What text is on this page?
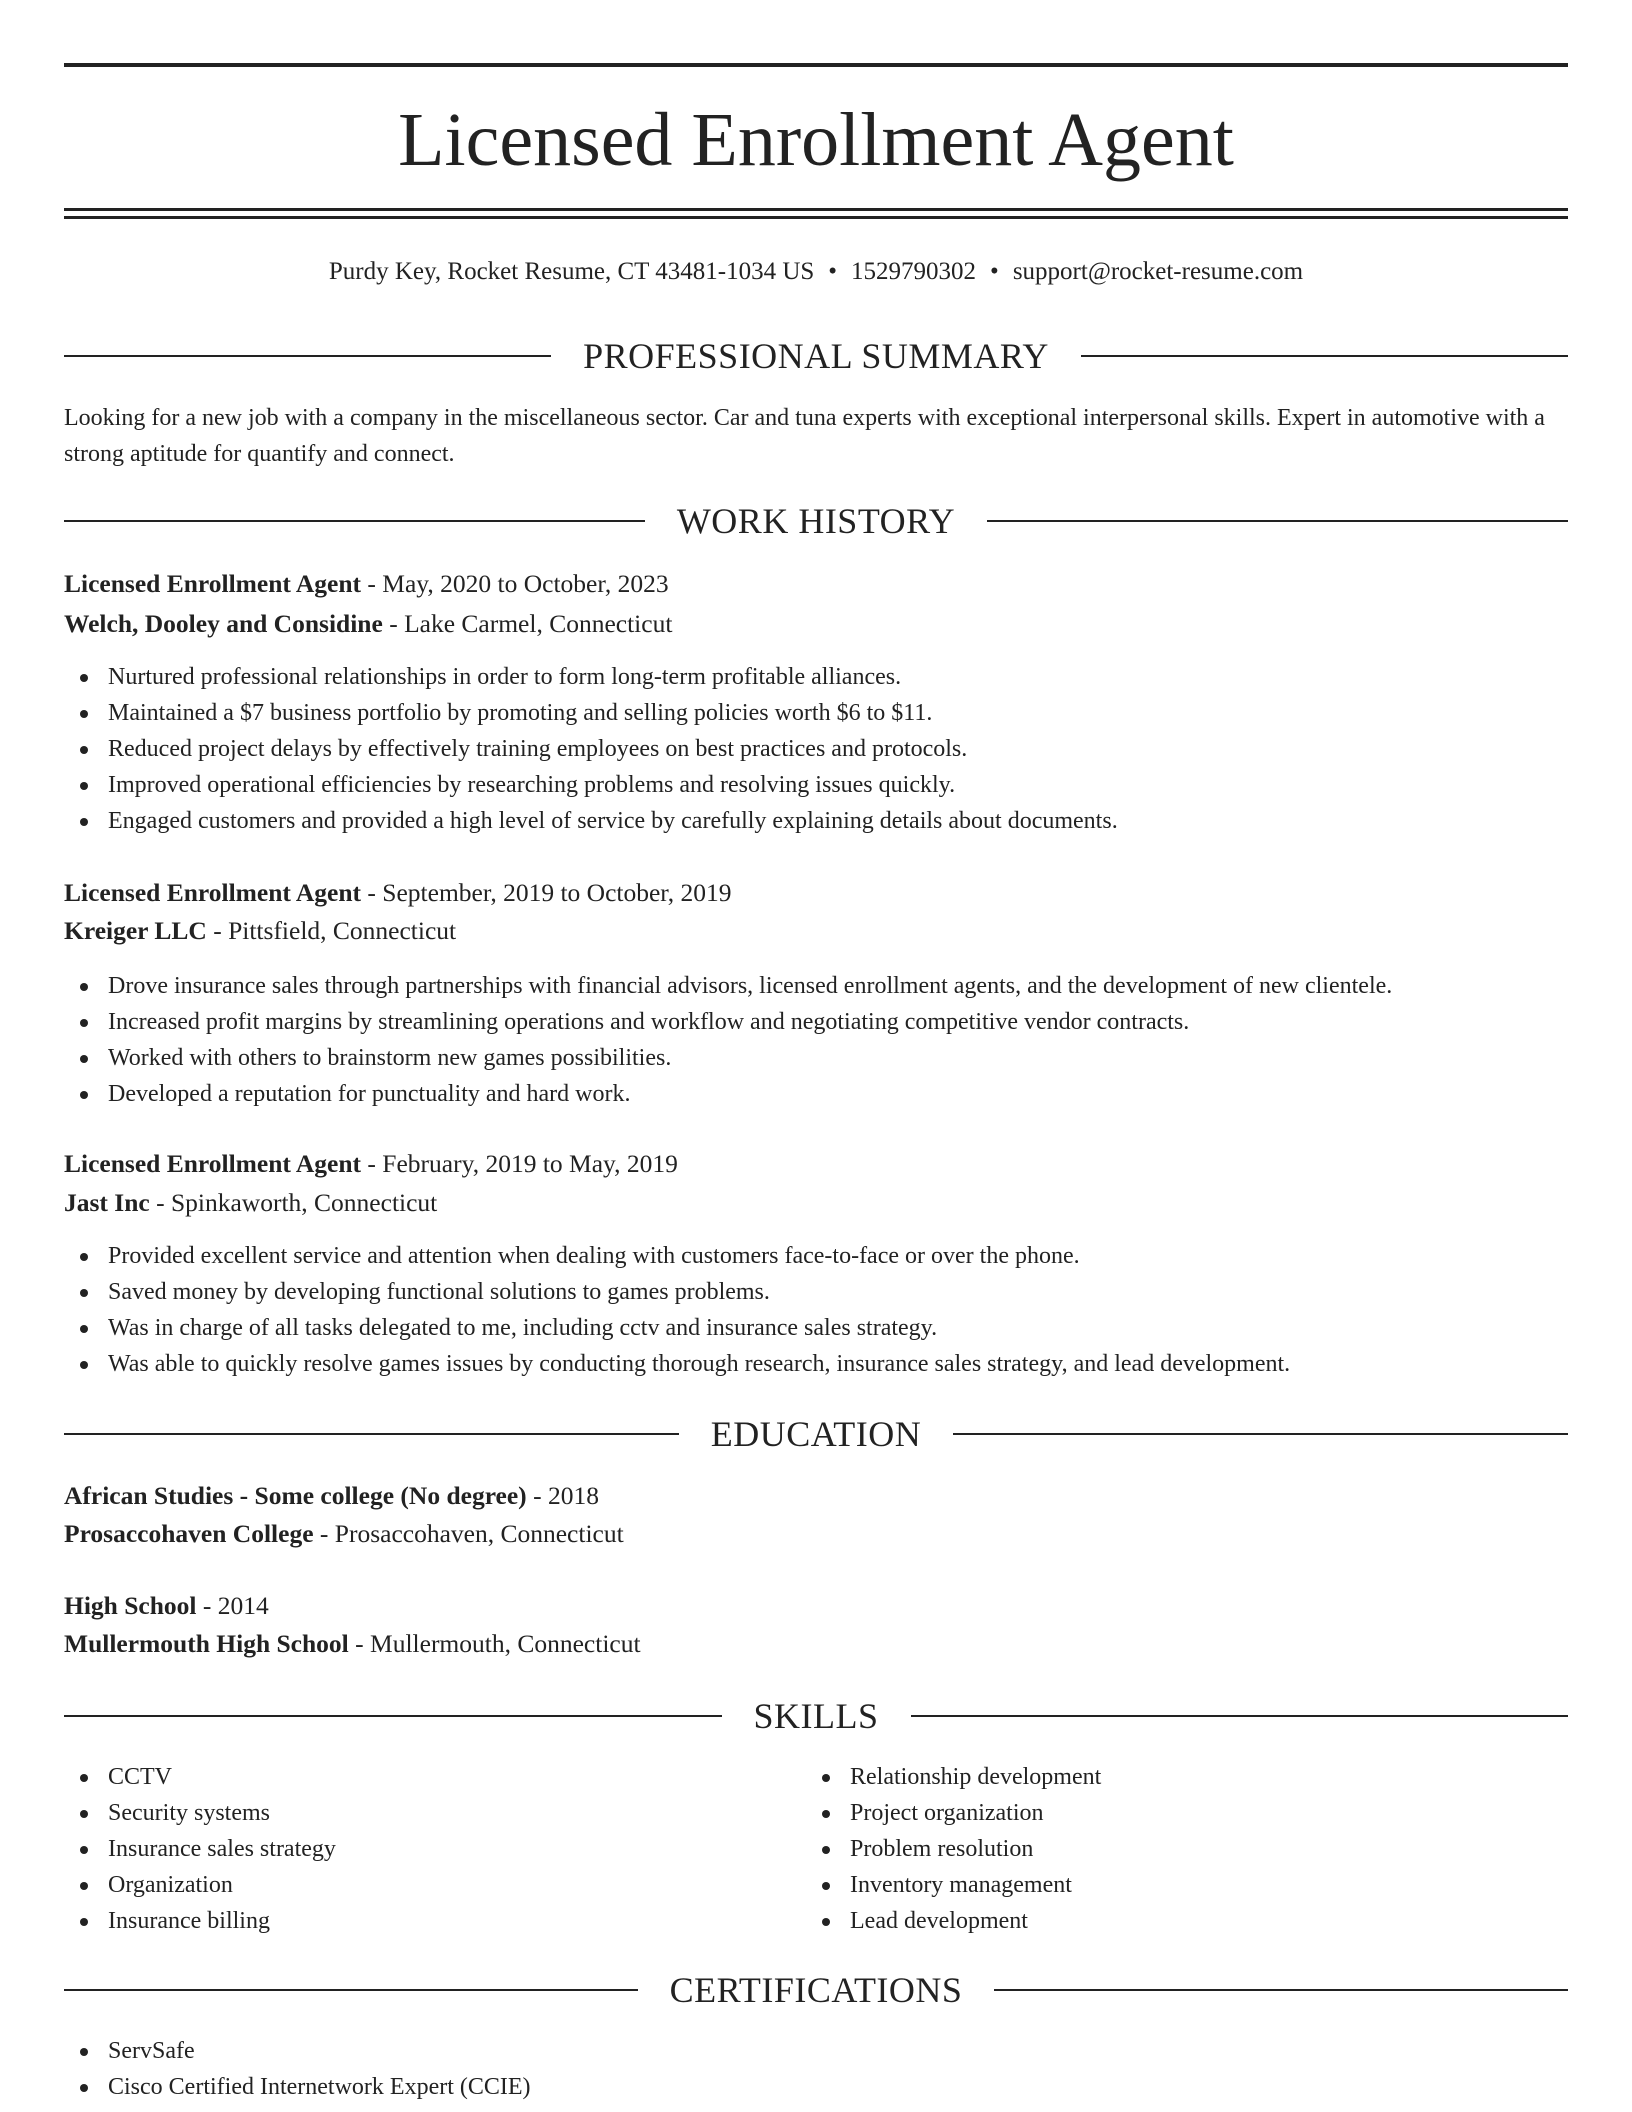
Licensed Enrollment Agent
Purdy Key, Rocket Resume, CT 43481-1034 US • 1529790302 • support@rocket-resume.com
PROFESSIONAL SUMMARY
Looking for a new job with a company in the miscellaneous sector. Car and tuna experts with exceptional interpersonal skills. Expert in automotive with a strong aptitude for quantify and connect.
WORK HISTORY
Licensed Enrollment Agent - May, 2020 to October, 2023
Welch, Dooley and Considine - Lake Carmel, Connecticut
Nurtured professional relationships in order to form long-term profitable alliances.
Maintained a $7 business portfolio by promoting and selling policies worth $6 to $11.
Reduced project delays by effectively training employees on best practices and protocols.
Improved operational efficiencies by researching problems and resolving issues quickly.
Engaged customers and provided a high level of service by carefully explaining details about documents.
Licensed Enrollment Agent - September, 2019 to October, 2019
Kreiger LLC - Pittsfield, Connecticut
Drove insurance sales through partnerships with financial advisors, licensed enrollment agents, and the development of new clientele.
Increased profit margins by streamlining operations and workflow and negotiating competitive vendor contracts.
Worked with others to brainstorm new games possibilities.
Developed a reputation for punctuality and hard work.
Licensed Enrollment Agent - February, 2019 to May, 2019
Jast Inc - Spinkaworth, Connecticut
Provided excellent service and attention when dealing with customers face-to-face or over the phone.
Saved money by developing functional solutions to games problems.
Was in charge of all tasks delegated to me, including cctv and insurance sales strategy.
Was able to quickly resolve games issues by conducting thorough research, insurance sales strategy, and lead development.
EDUCATION
African Studies - Some college (No degree) - 2018
Prosaccohaven College - Prosaccohaven, Connecticut
High School - 2014
Mullermouth High School - Mullermouth, Connecticut
SKILLS
CCTV
Security systems
Insurance sales strategy
Organization
Insurance billing
Relationship development
Project organization
Problem resolution
Inventory management
Lead development
CERTIFICATIONS
ServSafe
Cisco Certified Internetwork Expert (CCIE)
